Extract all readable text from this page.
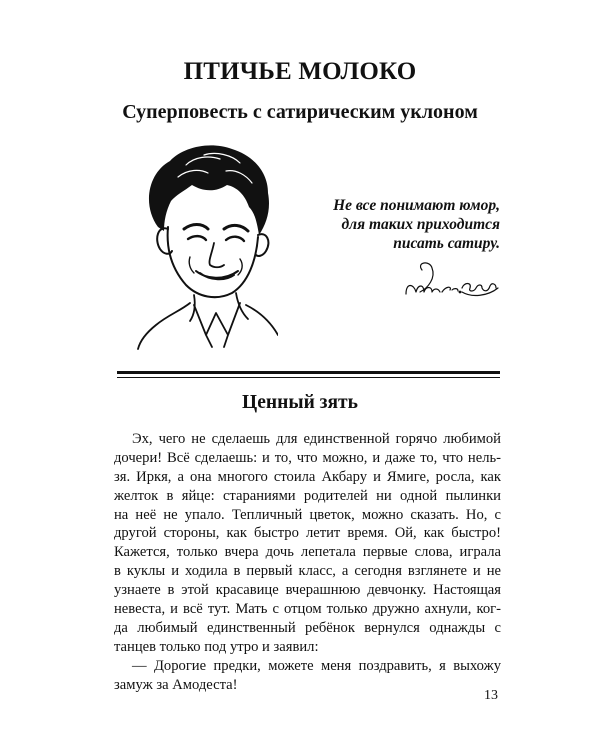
ПТИЧЬЕ МОЛОКО
Суперповесть с сатирическим уклоном
Не все понимают юмор,
для таких приходится
писать сатиру.
Ценный зять
Эх, чего не сделаешь для единственной горячо любимой
дочери! Всё сделаешь: и то, что можно, и даже то, что нель-
зя. Иркя, а она многого стоила Акбару и Ямиге, росла, как
желток в яйце: стараниями родителей ни одной пылинки
на неё не упало. Тепличный цветок, можно сказать. Но, с
другой стороны, как быстро летит время. Ой, как быстро!
Кажется, только вчера дочь лепетала первые слова, играла
в куклы и ходила в первый класс, а сегодня взглянете и не
узнаете в этой красавице вчерашнюю девчонку. Настоящая
невеста, и всё тут. Мать с отцом только дружно ахнули, ког-
да любимый единственный ребёнок вернулся однажды с
танцев только под утро и заявил:
— Дорогие предки, можете меня поздравить, я выхожу
замуж за Амодеста!
13
